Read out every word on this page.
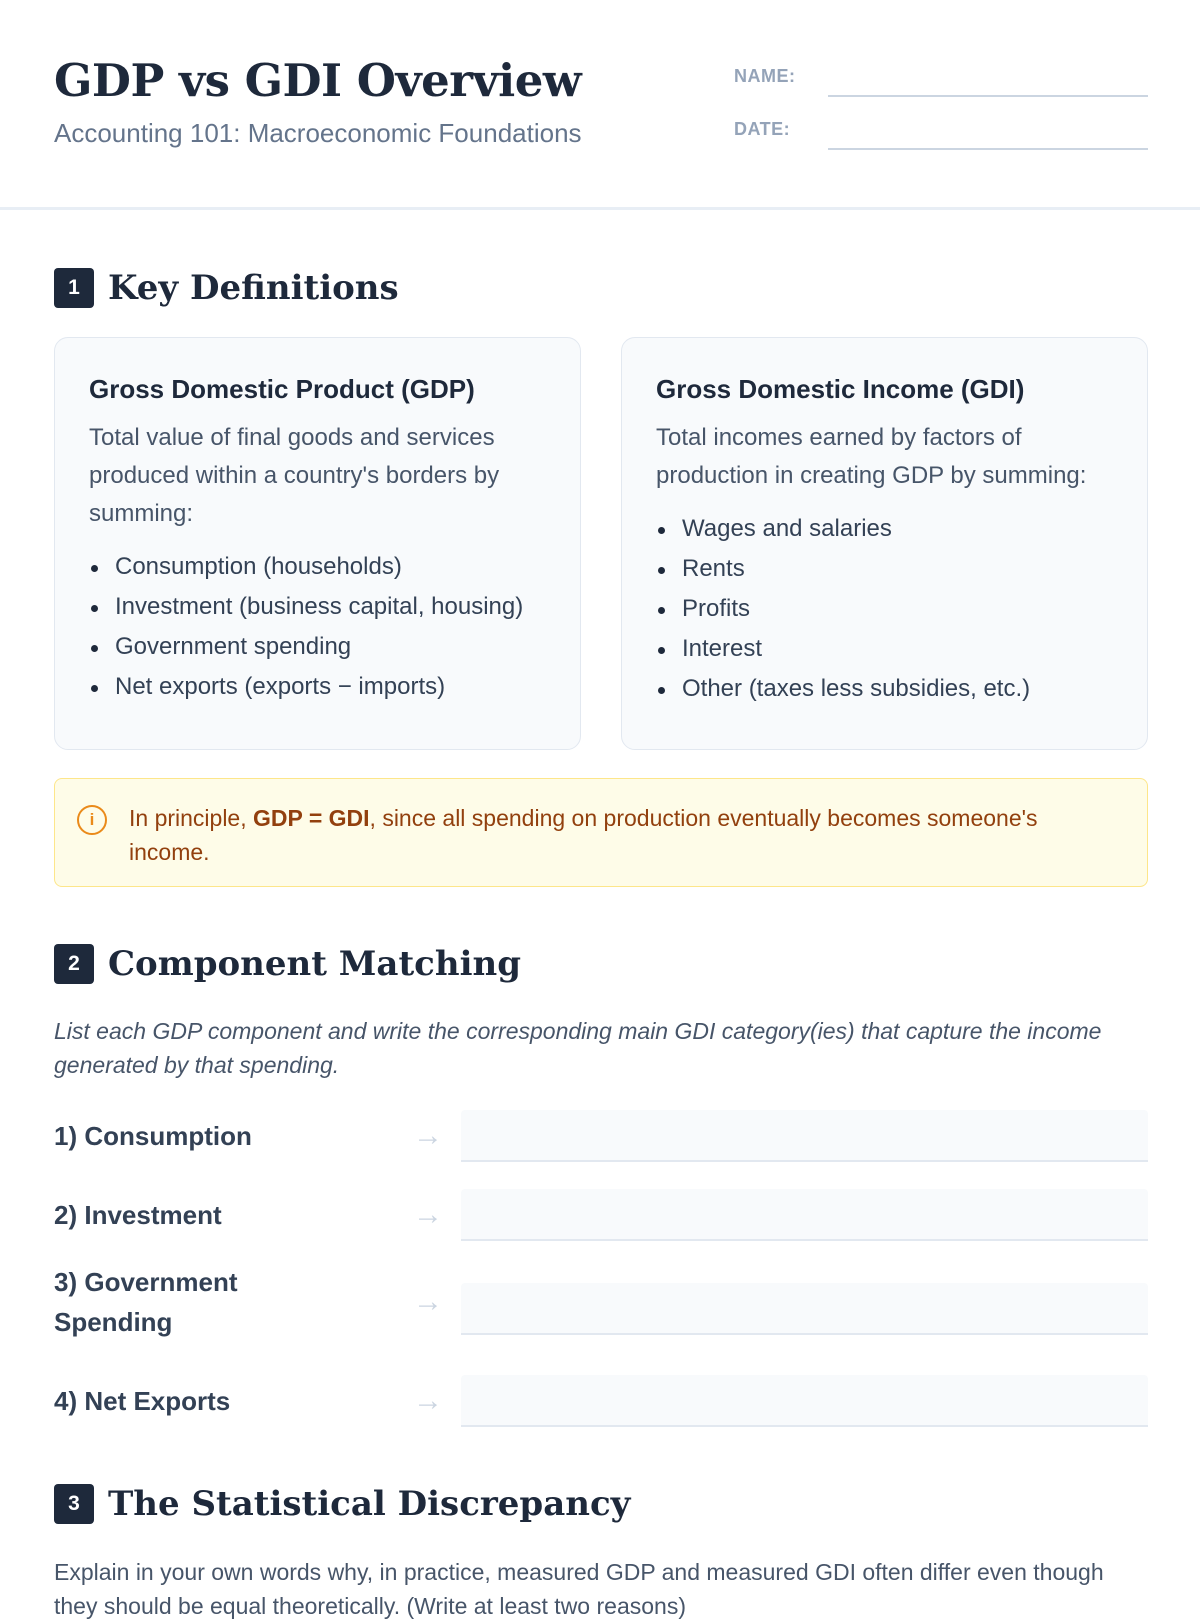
GDP vs GDI Overview
Accounting 101: Macroeconomic Foundations
NAME:
DATE:
1 Key Definitions
Gross Domestic Product (GDP)

Total value of final goods and services produced within a country's borders by summing:

Consumption (households)
Investment (business capital, housing)
Government spending
Net exports (exports − imports)
Gross Domestic Income (GDI)

Total incomes earned by factors of production in creating GDP by summing:

Wages and salaries
Rents
Profits
Interest
Other (taxes less subsidies, etc.)
i	In principle, GDP = GDI, since all spending on production eventually becomes someone's income.
2 Component Matching
List each GDP component and write the corresponding main GDI category(ies) that capture the income generated by that spending.
1) Consumption	→
2) Investment	→
3) Government Spending
→
4) Net Exports	→
3 The Statistical Discrepancy
Explain in your own words why, in practice, measured GDP and measured GDI often differ even though they should be equal theoretically. (Write at least two reasons)
